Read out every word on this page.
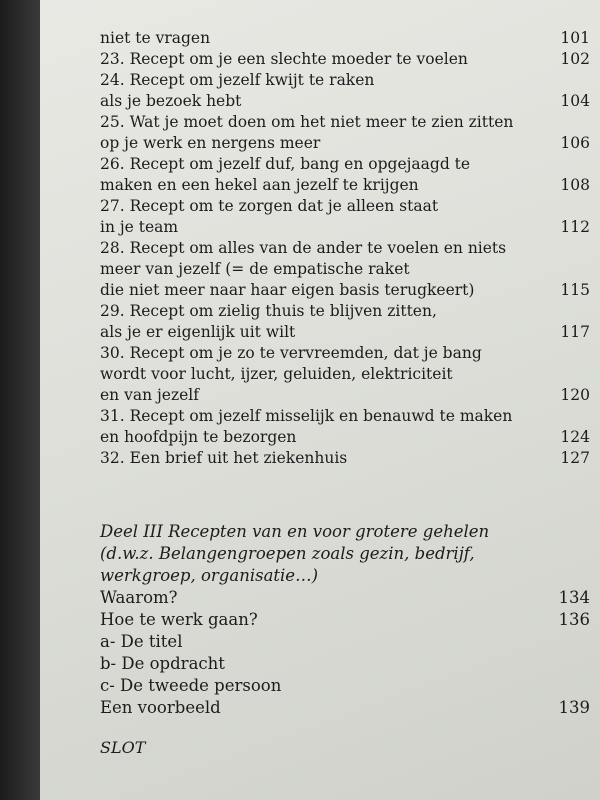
niet te vragen	101
23. Recept om je een slechte moeder te voelen	102
24. Recept om jezelf kwijt te raken
als je bezoek hebt	104
25. Wat je moet doen om het niet meer te zien zitten
op je werk en nergens meer	106
26. Recept om jezelf duf, bang en opgejaagd te
maken en een hekel aan jezelf te krijgen	108
27. Recept om te zorgen dat je alleen staat
in je team	112
28. Recept om alles van de ander te voelen en niets
meer van jezelf (= de empatische raket
die niet meer naar haar eigen basis terugkeert)	115
29. Recept om zielig thuis te blijven zitten,
als je er eigenlijk uit wilt	117
30. Recept om je zo te vervreemden, dat je bang
wordt voor lucht, ijzer, geluiden, elektriciteit
en van jezelf	120
31. Recept om jezelf misselijk en benauwd te maken
en hoofdpijn te bezorgen	124
32. Een brief uit het ziekenhuis	127
Deel III Recepten van en voor grotere gehelen
(d.w.z. Belangengroepen zoals gezin, bedrijf,
werkgroep, organisatie…)
Waarom?	134
Hoe te werk gaan?	136
a- De titel
b- De opdracht
c- De tweede persoon
Een voorbeeld	139
SLOT
